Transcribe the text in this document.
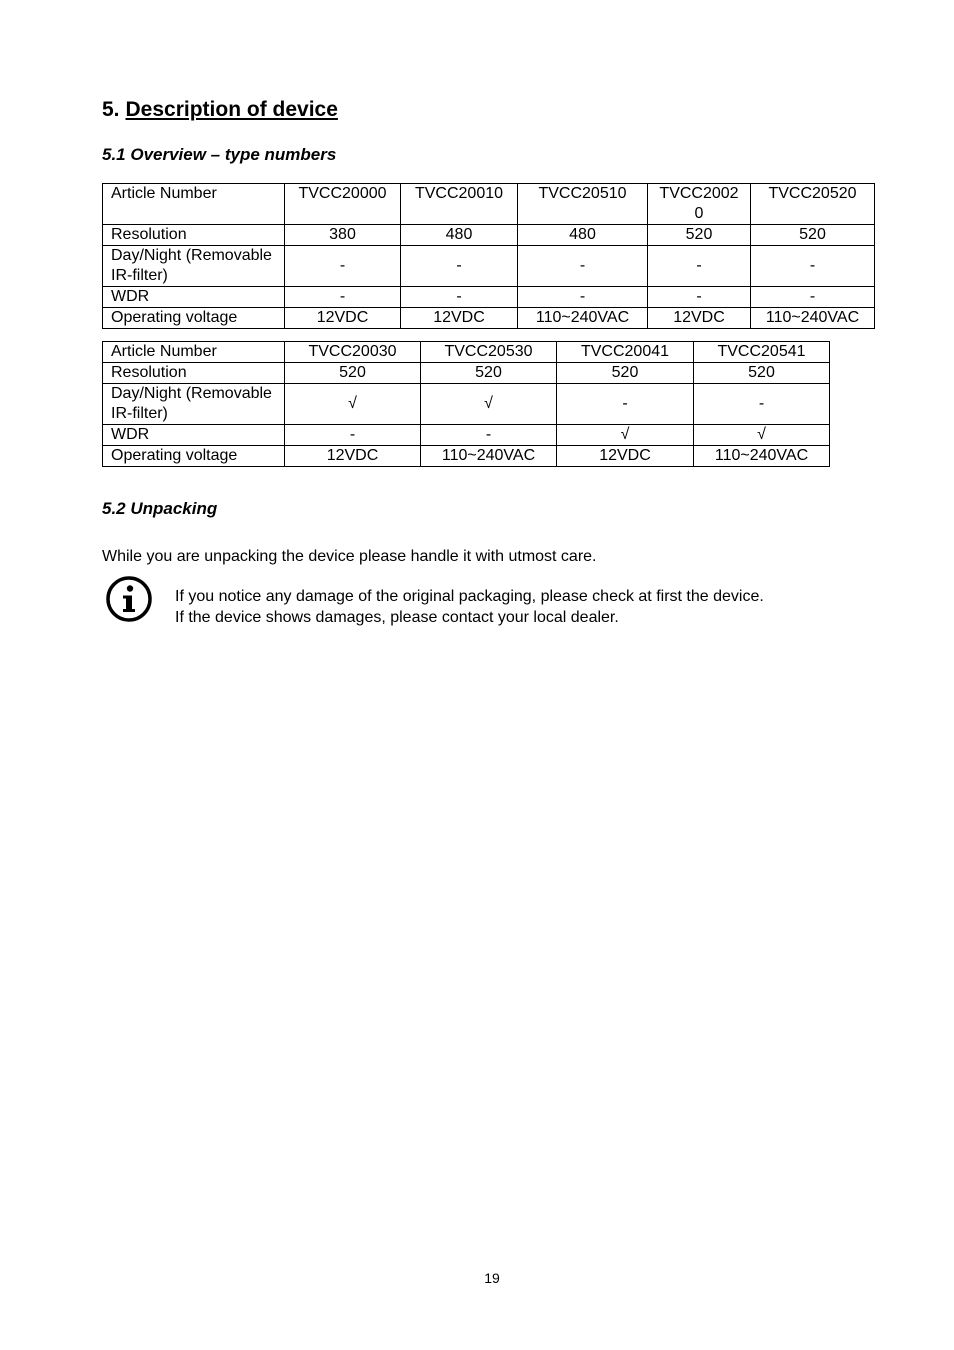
5. Description of device
5.1 Overview – type numbers
Article Number	TVCC20000	TVCC20010	TVCC20510	TVCC20020	TVCC20520
Resolution	380	480	480	520	520
Day/Night (Removable IR-filter)	-	-	-	-	-
WDR	-	-	-	-	-
Operating voltage	12VDC	12VDC	110~240VAC	12VDC	110~240VAC
Article Number	TVCC20030	TVCC20530	TVCC20041	TVCC20541
Resolution	520	520	520	520
Day/Night (Removable IR-filter)	√	√	-	-
WDR	-	-	√	√
Operating voltage	12VDC	110~240VAC	12VDC	110~240VAC
5.2 Unpacking
While you are unpacking the device please handle it with utmost care.
If you notice any damage of the original packaging, please check at first the device.
If the device shows damages, please contact your local dealer.
19
